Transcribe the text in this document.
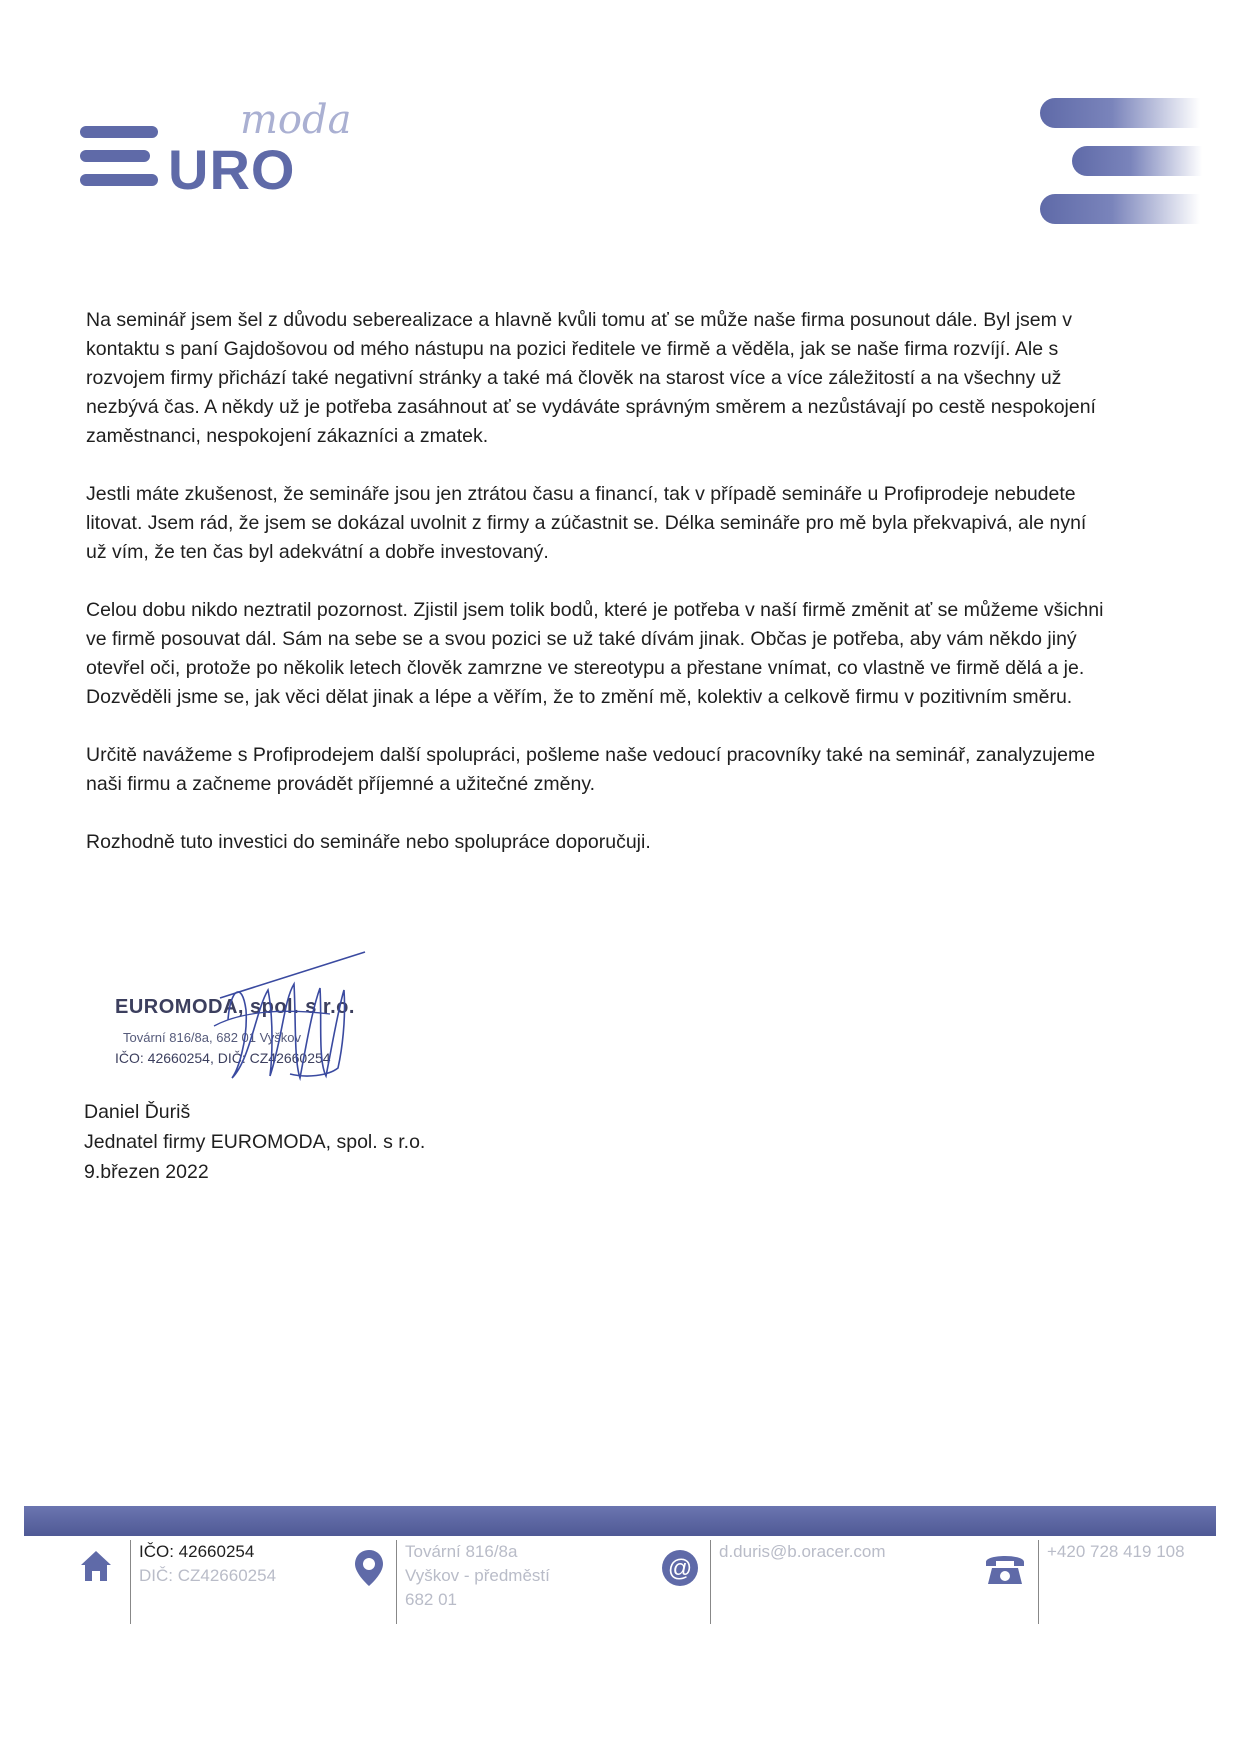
moda
URO

Na seminář jsem šel z důvodu seberealizace a hlavně kvůli tomu ať se může naše firma posunout dále. Byl jsem v kontaktu s paní Gajdošovou od mého nástupu na pozici ředitele ve firmě a věděla, jak se naše firma rozvíjí. Ale s rozvojem firmy přichází také negativní stránky a také má člověk na starost více a více záležitostí a na všechny už nezbývá čas. A někdy už je potřeba zasáhnout ať se vydáváte správným směrem a nezůstávají po cestě nespokojení zaměstnanci, nespokojení zákazníci a zmatek.

Jestli máte zkušenost, že semináře jsou jen ztrátou času a financí, tak v případě semináře u Profiprodeje nebudete litovat. Jsem rád, že jsem se dokázal uvolnit z firmy a zúčastnit se. Délka semináře pro mě byla překvapivá, ale nyní už vím, že ten čas byl adekvátní a dobře investovaný.

Celou dobu nikdo neztratil pozornost. Zjistil jsem tolik bodů, které je potřeba v naší firmě změnit ať se můžeme všichni ve firmě posouvat dál. Sám na sebe se a svou pozici se už také dívám jinak. Občas je potřeba, aby vám někdo jiný otevřel oči, protože po několik letech člověk zamrzne ve stereotypu a přestane vnímat, co vlastně ve firmě dělá a je. Dozvěděli jsme se, jak věci dělat jinak a lépe a věřím, že to změní mě, kolektiv a celkově firmu v pozitivním směru.

Určitě navážeme s Profiprodejem další spolupráci, pošleme naše vedoucí pracovníky také na seminář, zanalyzujeme naši firmu a začneme provádět příjemné a užitečné změny.

Rozhodně tuto investici do semináře nebo spolupráce doporučuji.

EUROMODA, spol. s r.o.
Tovární 816/8a, 682 01 Vyškov
IČO: 42660254, DIČ: CZ42660254
Daniel Ďuriš
Jednatel firmy EUROMODA, spol. s r.o.
9.březen 2022
IČO: 42660254
DIČ: CZ42660254
Tovární 816/8a
Vyškov - předměstí
682 01
@
d.duris@b.oracer.com	+420 728 419 108
